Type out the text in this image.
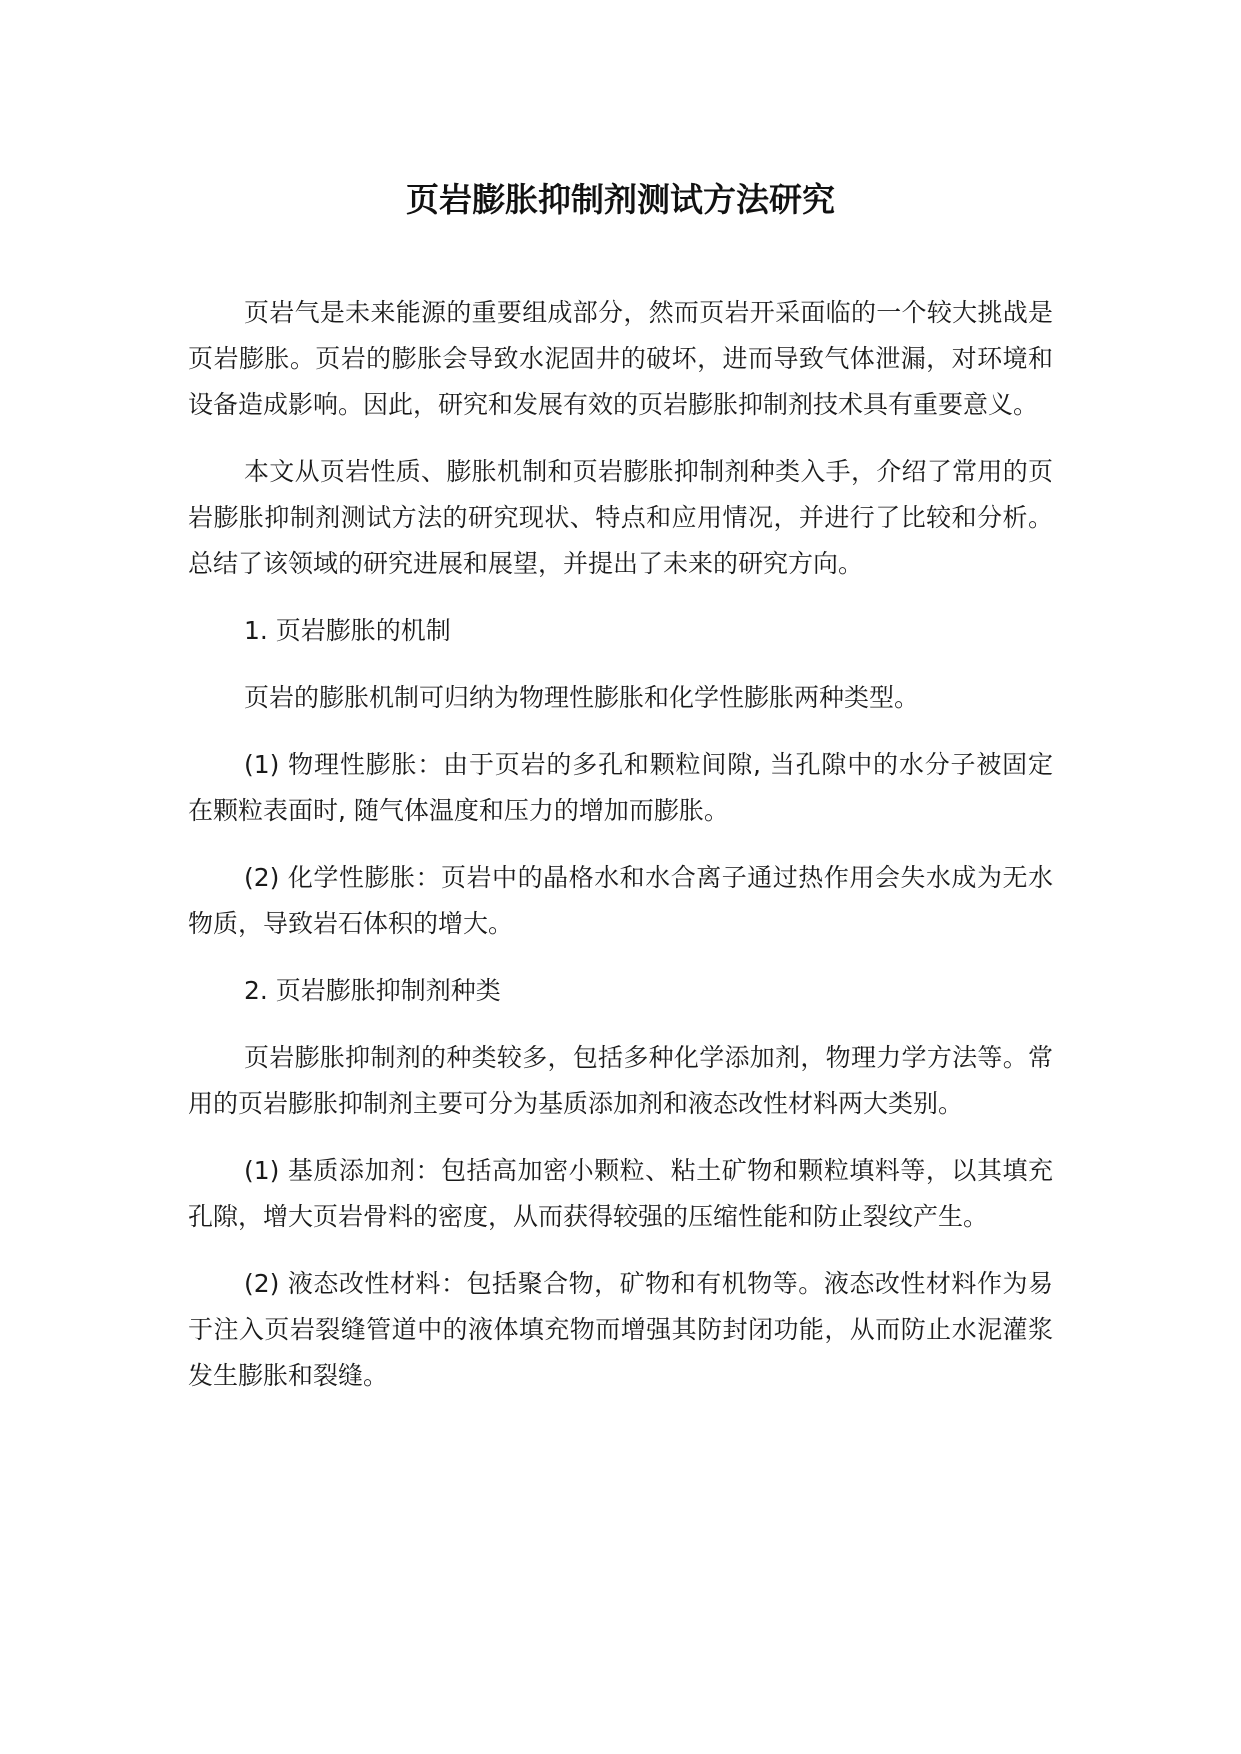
页岩膨胀抑制剂测试方法研究

页岩气是未来能源的重要组成部分，然而页岩开采面临的一个较大挑战是页岩膨胀。页岩的膨胀会导致水泥固井的破坏，进而导致气体泄漏，对环境和设备造成影响。因此，研究和发展有效的页岩膨胀抑制剂技术具有重要意义。

本文从页岩性质、膨胀机制和页岩膨胀抑制剂种类入手，介绍了常用的页岩膨胀抑制剂测试方法的研究现状、特点和应用情况，并进行了比较和分析。总结了该领域的研究进展和展望，并提出了未来的研究方向。

1. 页岩膨胀的机制

页岩的膨胀机制可归纳为物理性膨胀和化学性膨胀两种类型。

(1) 物理性膨胀：由于页岩的多孔和颗粒间隙, 当孔隙中的水分子被固定在颗粒表面时, 随气体温度和压力的增加而膨胀。

(2) 化学性膨胀：页岩中的晶格水和水合离子通过热作用会失水成为无水物质，导致岩石体积的增大。

2. 页岩膨胀抑制剂种类

页岩膨胀抑制剂的种类较多，包括多种化学添加剂，物理力学方法等。常用的页岩膨胀抑制剂主要可分为基质添加剂和液态改性材料两大类别。

(1) 基质添加剂：包括高加密小颗粒、粘土矿物和颗粒填料等，以其填充孔隙，增大页岩骨料的密度，从而获得较强的压缩性能和防止裂纹产生。

(2) 液态改性材料：包括聚合物，矿物和有机物等。液态改性材料作为易于注入页岩裂缝管道中的液体填充物而增强其防封闭功能，从而防止水泥灌浆发生膨胀和裂缝。
